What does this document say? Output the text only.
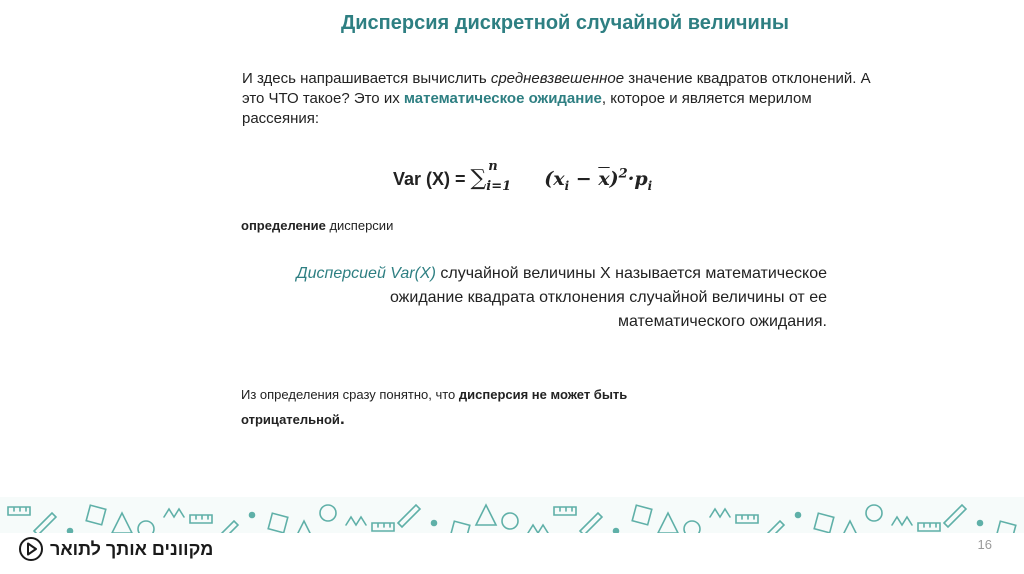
Дисперсия дискретной случайной величины
И здесь напрашивается вычислить средневзвешенное значение квадратов отклонений. А это ЧТО такое? Это их математическое ожидание, которое и является мерилом рассеяния:
Var (X) = ∑ n
i=1 $(x_i - \overline{x})^2\cdot p_i$
определение дисперсии
Дисперсией Var(X) случайной величины X называется математическое ожидание квадрата отклонения случайной величины от ее математического ожидания.
Из определения сразу понятно, что дисперсия не может быть отрицательной.
מקוונים אותך לתואר	16
